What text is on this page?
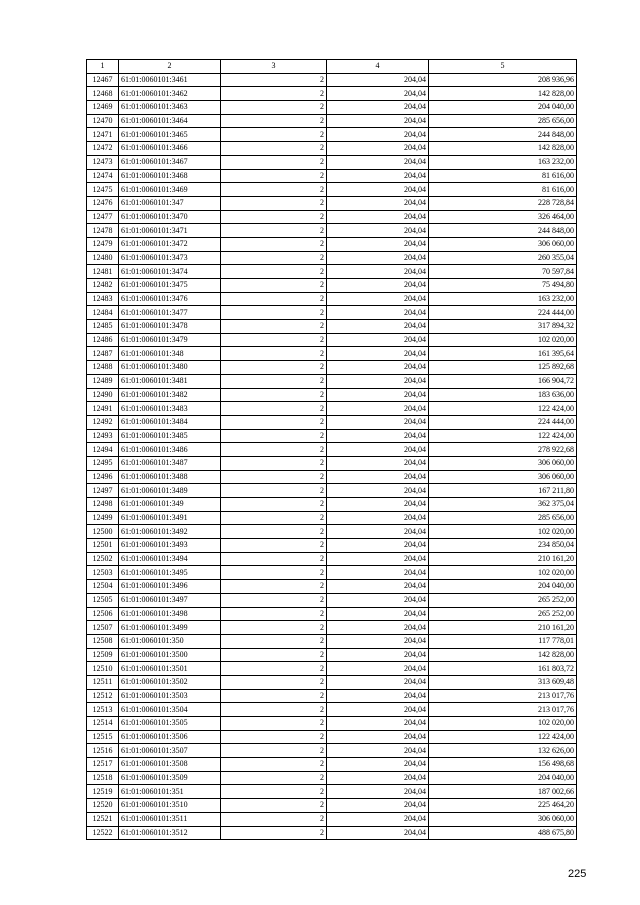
1	2	3	4	5
12467	61:01:0060101:3461	2	204,04	208 936,96
12468	61:01:0060101:3462	2	204,04	142 828,00
12469	61:01:0060101:3463	2	204,04	204 040,00
12470	61:01:0060101:3464	2	204,04	285 656,00
12471	61:01:0060101:3465	2	204,04	244 848,00
12472	61:01:0060101:3466	2	204,04	142 828,00
12473	61:01:0060101:3467	2	204,04	163 232,00
12474	61:01:0060101:3468	2	204,04	81 616,00
12475	61:01:0060101:3469	2	204,04	81 616,00
12476	61:01:0060101:347	2	204,04	228 728,84
12477	61:01:0060101:3470	2	204,04	326 464,00
12478	61:01:0060101:3471	2	204,04	244 848,00
12479	61:01:0060101:3472	2	204,04	306 060,00
12480	61:01:0060101:3473	2	204,04	260 355,04
12481	61:01:0060101:3474	2	204,04	70 597,84
12482	61:01:0060101:3475	2	204,04	75 494,80
12483	61:01:0060101:3476	2	204,04	163 232,00
12484	61:01:0060101:3477	2	204,04	224 444,00
12485	61:01:0060101:3478	2	204,04	317 894,32
12486	61:01:0060101:3479	2	204,04	102 020,00
12487	61:01:0060101:348	2	204,04	161 395,64
12488	61:01:0060101:3480	2	204,04	125 892,68
12489	61:01:0060101:3481	2	204,04	166 904,72
12490	61:01:0060101:3482	2	204,04	183 636,00
12491	61:01:0060101:3483	2	204,04	122 424,00
12492	61:01:0060101:3484	2	204,04	224 444,00
12493	61:01:0060101:3485	2	204,04	122 424,00
12494	61:01:0060101:3486	2	204,04	278 922,68
12495	61:01:0060101:3487	2	204,04	306 060,00
12496	61:01:0060101:3488	2	204,04	306 060,00
12497	61:01:0060101:3489	2	204,04	167 211,80
12498	61:01:0060101:349	2	204,04	362 375,04
12499	61:01:0060101:3491	2	204,04	285 656,00
12500	61:01:0060101:3492	2	204,04	102 020,00
12501	61:01:0060101:3493	2	204,04	234 850,04
12502	61:01:0060101:3494	2	204,04	210 161,20
12503	61:01:0060101:3495	2	204,04	102 020,00
12504	61:01:0060101:3496	2	204,04	204 040,00
12505	61:01:0060101:3497	2	204,04	265 252,00
12506	61:01:0060101:3498	2	204,04	265 252,00
12507	61:01:0060101:3499	2	204,04	210 161,20
12508	61:01:0060101:350	2	204,04	117 778,01
12509	61:01:0060101:3500	2	204,04	142 828,00
12510	61:01:0060101:3501	2	204,04	161 803,72
12511	61:01:0060101:3502	2	204,04	313 609,48
12512	61:01:0060101:3503	2	204,04	213 017,76
12513	61:01:0060101:3504	2	204,04	213 017,76
12514	61:01:0060101:3505	2	204,04	102 020,00
12515	61:01:0060101:3506	2	204,04	122 424,00
12516	61:01:0060101:3507	2	204,04	132 626,00
12517	61:01:0060101:3508	2	204,04	156 498,68
12518	61:01:0060101:3509	2	204,04	204 040,00
12519	61:01:0060101:351	2	204,04	187 002,66
12520	61:01:0060101:3510	2	204,04	225 464,20
12521	61:01:0060101:3511	2	204,04	306 060,00
12522	61:01:0060101:3512	2	204,04	488 675,80
225
